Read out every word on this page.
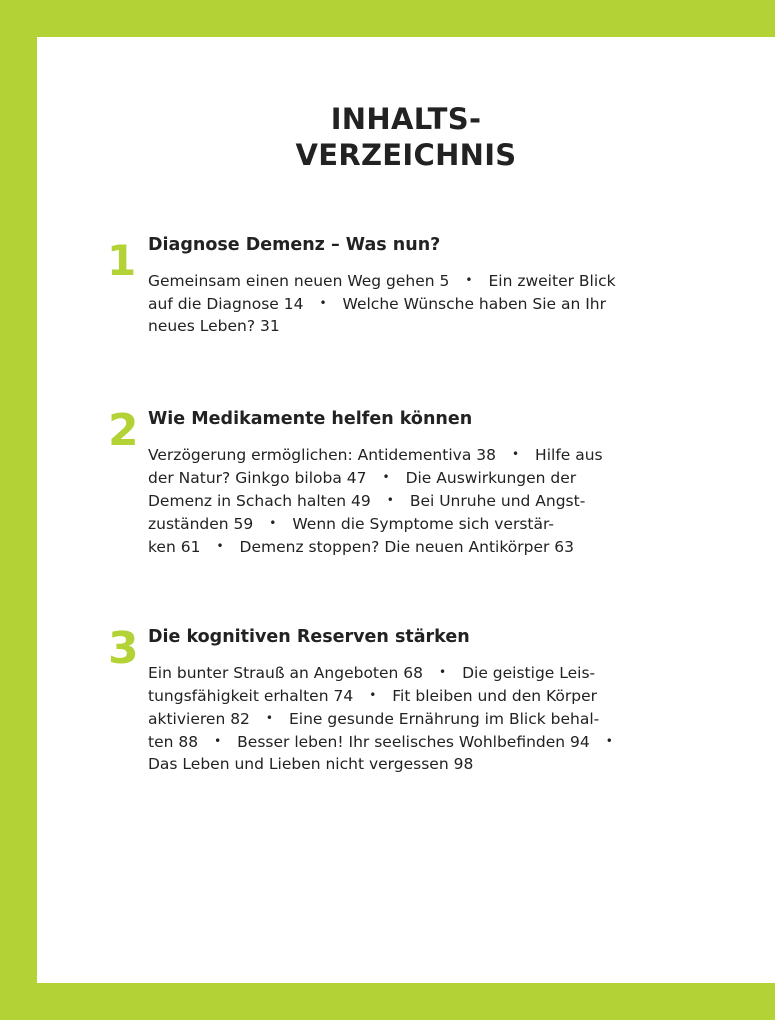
INHALTS-
VERZEICHNIS
1 Diagnose Demenz – Was nun?
Gemeinsam einen neuen Weg gehen 5 • Ein zweiter Blick
auf die Diagnose 14 • Welche Wünsche haben Sie an Ihr
neues Leben? 31
2 Wie Medikamente helfen können
Verzögerung ermöglichen: Antidementiva 38 • Hilfe aus
der Natur? Ginkgo biloba 47 • Die Auswirkungen der
Demenz in Schach halten 49 • Bei Unruhe und Angst-
zuständen 59 • Wenn die Symptome sich verstär-
ken 61 • Demenz stoppen? Die neuen Antikörper 63
3 Die kognitiven Reserven stärken
Ein bunter Strauß an Angeboten 68 • Die geistige Leis-
tungsfähigkeit erhalten 74 • Fit bleiben und den Körper
aktivieren 82 • Eine gesunde Ernährung im Blick behal-
ten 88 • Besser leben! Ihr seelisches Wohlbefinden 94 •
Das Leben und Lieben nicht vergessen 98
